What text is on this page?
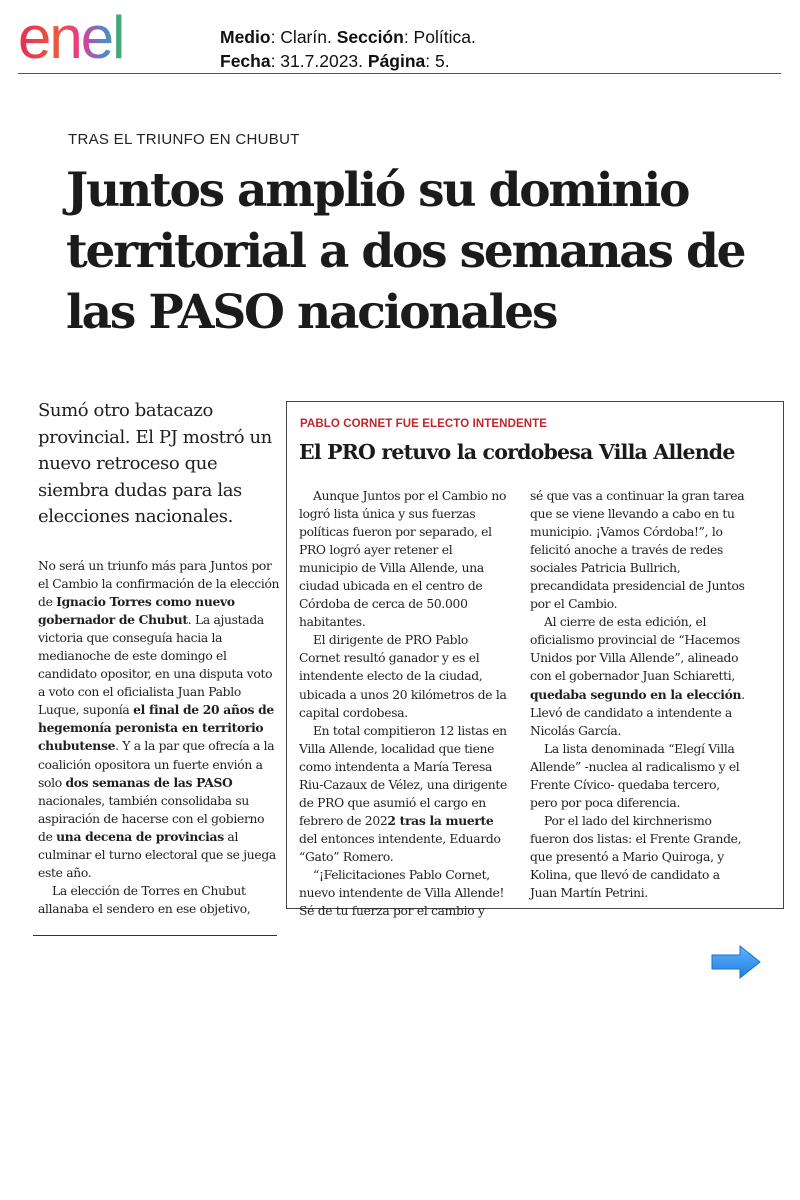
enel	Medio: Clarín. Sección: Política.
Fecha: 31.7.2023. Página: 5.
TRAS EL TRIUNFO EN CHUBUT
Juntos amplió su dominio territorial a dos semanas de las PASO nacionales
Sumó otro batacazo provincial. El PJ mostró un nuevo retroceso que siembra dudas para las elecciones nacionales.

No será un triunfo más para Juntos por el Cambio la confirmación de la elección de Ignacio Torres como nuevo gobernador de Chubut. La ajustada victoria que conseguía hacia la medianoche de este domingo el candidato opositor, en una disputa voto a voto con el oficialista Juan Pablo Luque, suponía el final de 20 años de hegemonía peronista en territorio chubutense. Y a la par que ofrecía a la coalición opositora un fuerte envión a solo dos semanas de las PASO nacionales, también consolidaba su aspiración de hacerse con el gobierno de una decena de provincias al culminar el turno electoral que se juega este año.

La elección de Torres en Chubut allanaba el sendero en ese objetivo,

PABLO CORNET FUE ELECTO INTENDENTE
El PRO retuvo la cordobesa Villa Allende

Aunque Juntos por el Cambio no logró lista única y sus fuerzas políticas fueron por separado, el PRO logró ayer retener el municipio de Villa Allende, una ciudad ubicada en el centro de Córdoba de cerca de 50.000 habitantes.

El dirigente de PRO Pablo Cornet resultó ganador y es el intendente electo de la ciudad, ubicada a unos 20 kilómetros de la capital cordobesa.

En total compitieron 12 listas en Villa Allende, localidad que tiene como intendenta a María Teresa Riu-Cazaux de Vélez, una dirigente de PRO que asumió el cargo en febrero de 2022 tras la muerte del entonces intendente, Eduardo “Gato” Romero.

“¡Felicitaciones Pablo Cornet, nuevo intendente de Villa Allende! Sé de tu fuerza por el cambio y

sé que vas a continuar la gran tarea que se viene llevando a cabo en tu municipio. ¡Vamos Córdoba!”, lo felicitó anoche a través de redes sociales Patricia Bullrich, precandidata presidencial de Juntos por el Cambio.

Al cierre de esta edición, el oficialismo provincial de “Hacemos Unidos por Villa Allende”, alineado con el gobernador Juan Schiaretti, quedaba segundo en la elección. Llevó de candidato a intendente a Nicolás García.

La lista denominada “Elegí Villa Allende” -nuclea al radicalismo y el Frente Cívico- quedaba tercero, pero por poca diferencia.

Por el lado del kirchnerismo fueron dos listas: el Frente Grande, que presentó a Mario Quiroga, y Kolina, que llevó de candidato a Juan Martín Petrini.
